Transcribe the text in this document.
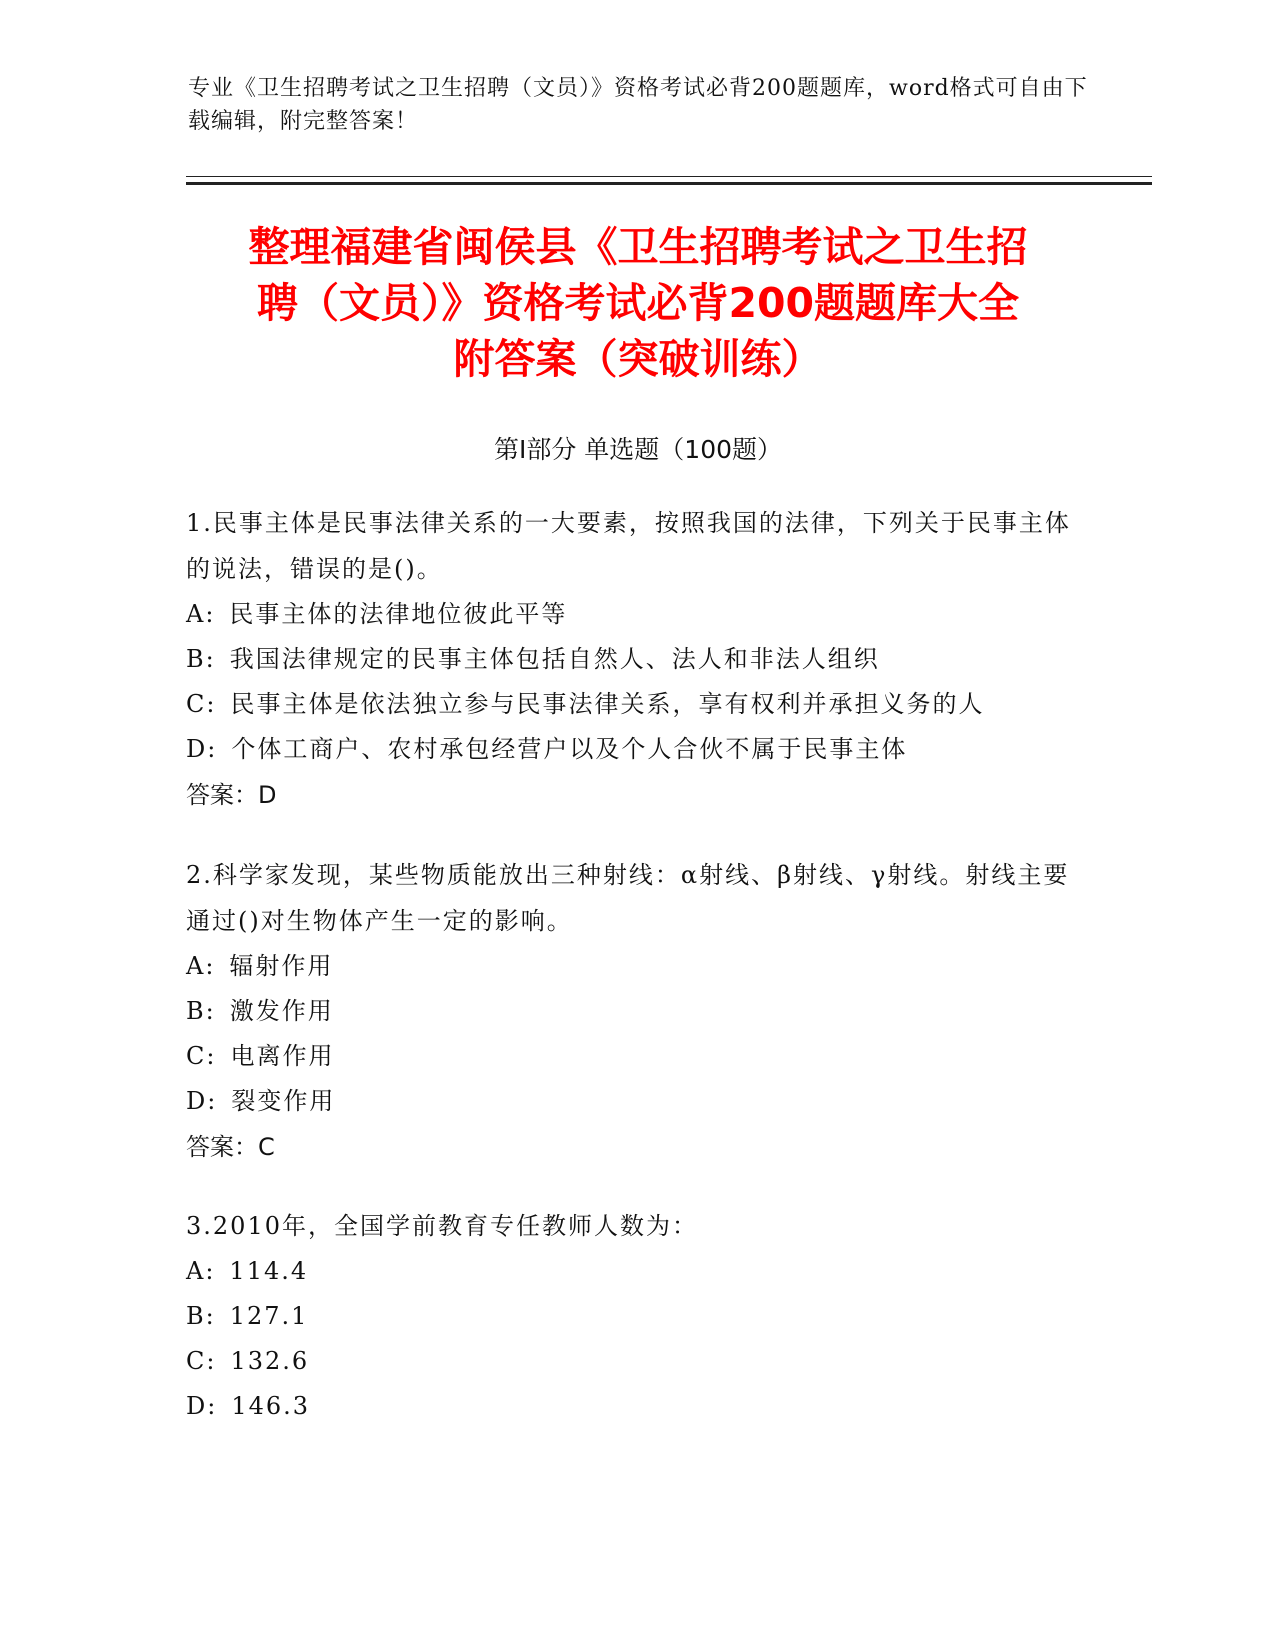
专业《卫生招聘考试之卫生招聘（文员）》资格考试必背200题题库，word格式可自由下载编辑，附完整答案！
整理福建省闽侯县《卫生招聘考试之卫生招
聘（文员）》资格考试必背200题题库大全
附答案（突破训练）
第I部分 单选题（100题）
1.民事主体是民事法律关系的一大要素，按照我国的法律，下列关于民事主体的说法，错误的是()。
A: 民事主体的法律地位彼此平等
B: 我国法律规定的民事主体包括自然人、法人和非法人组织
C: 民事主体是依法独立参与民事法律关系，享有权利并承担义务的人
D: 个体工商户、农村承包经营户以及个人合伙不属于民事主体
答案：D
2.科学家发现，某些物质能放出三种射线：α射线、β射线、γ射线。射线主要通过()对生物体产生一定的影响。
A: 辐射作用
B: 激发作用
C: 电离作用
D: 裂变作用
答案：C
3.2010年，全国学前教育专任教师人数为：
A: 114.4
B: 127.1
C: 132.6
D: 146.3
